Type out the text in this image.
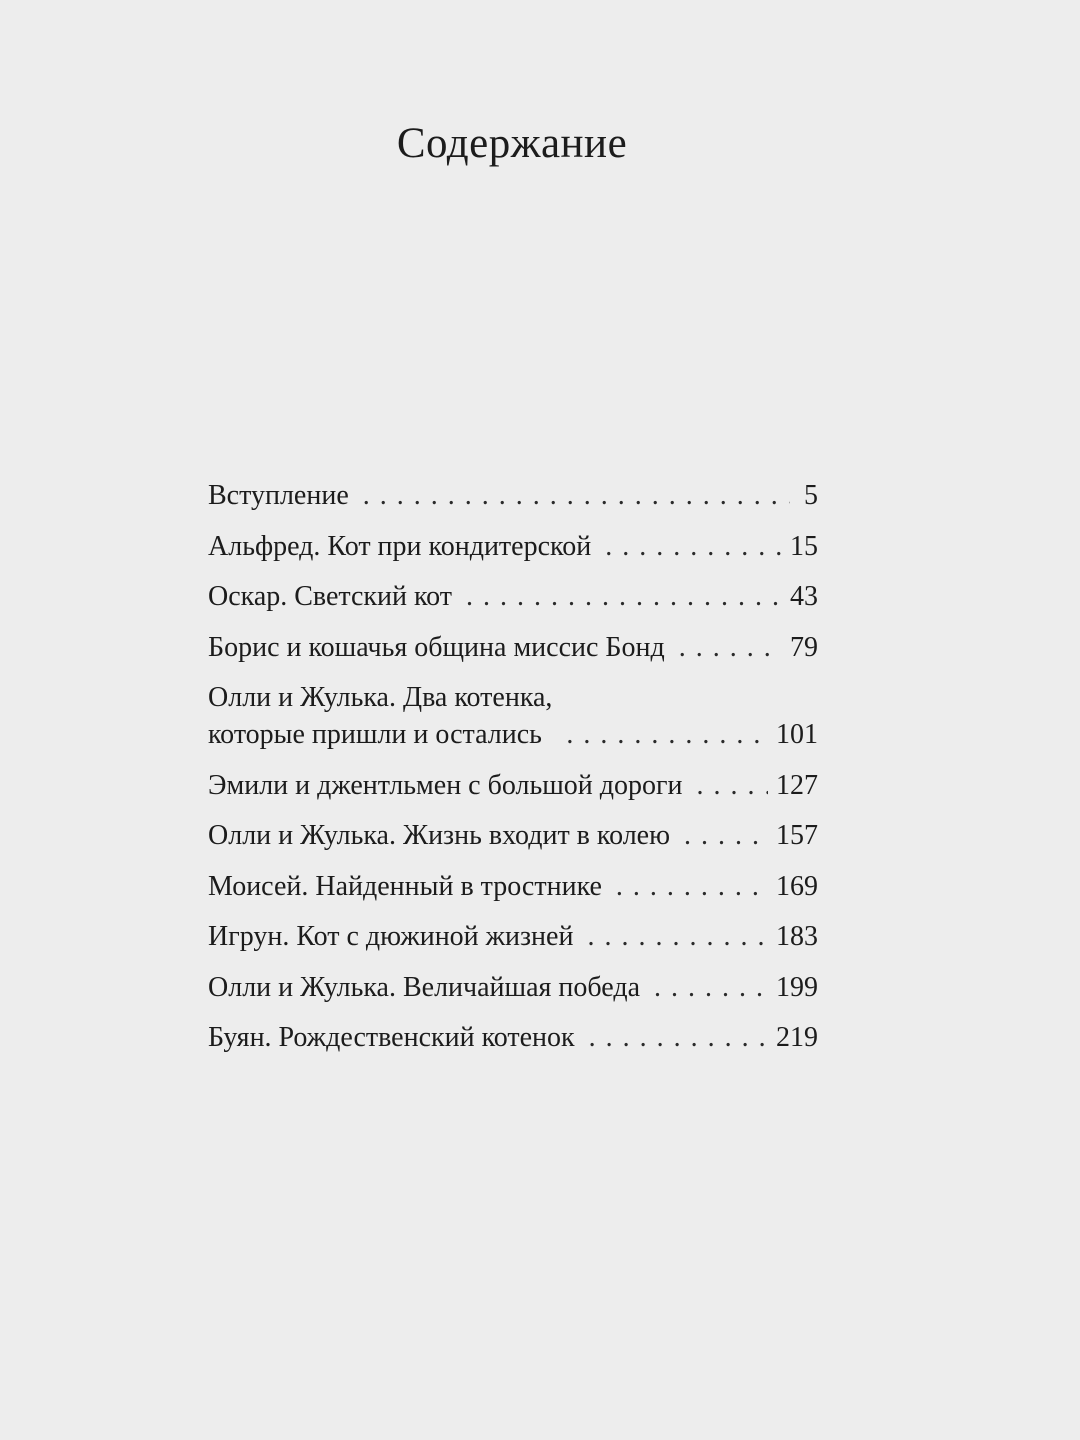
Содержание
Вступление . . .	5
Альфред. Кот при кондитерской . . .	15
Оскар. Светский кот . . .	43
Борис и кошачья община миссис Бонд . . .	79
Олли и Жулька. Два котенка,
которые пришли и остались . . .	101
Эмили и джентльмен с большой дороги . . .	127
Олли и Жулька. Жизнь входит в колею . . .	157
Моисей. Найденный в тростнике . . .	169
Игрун. Кот с дюжиной жизней . . .	183
Олли и Жулька. Величайшая победа . . .	199
Буян. Рождественский котенок . . .	219
